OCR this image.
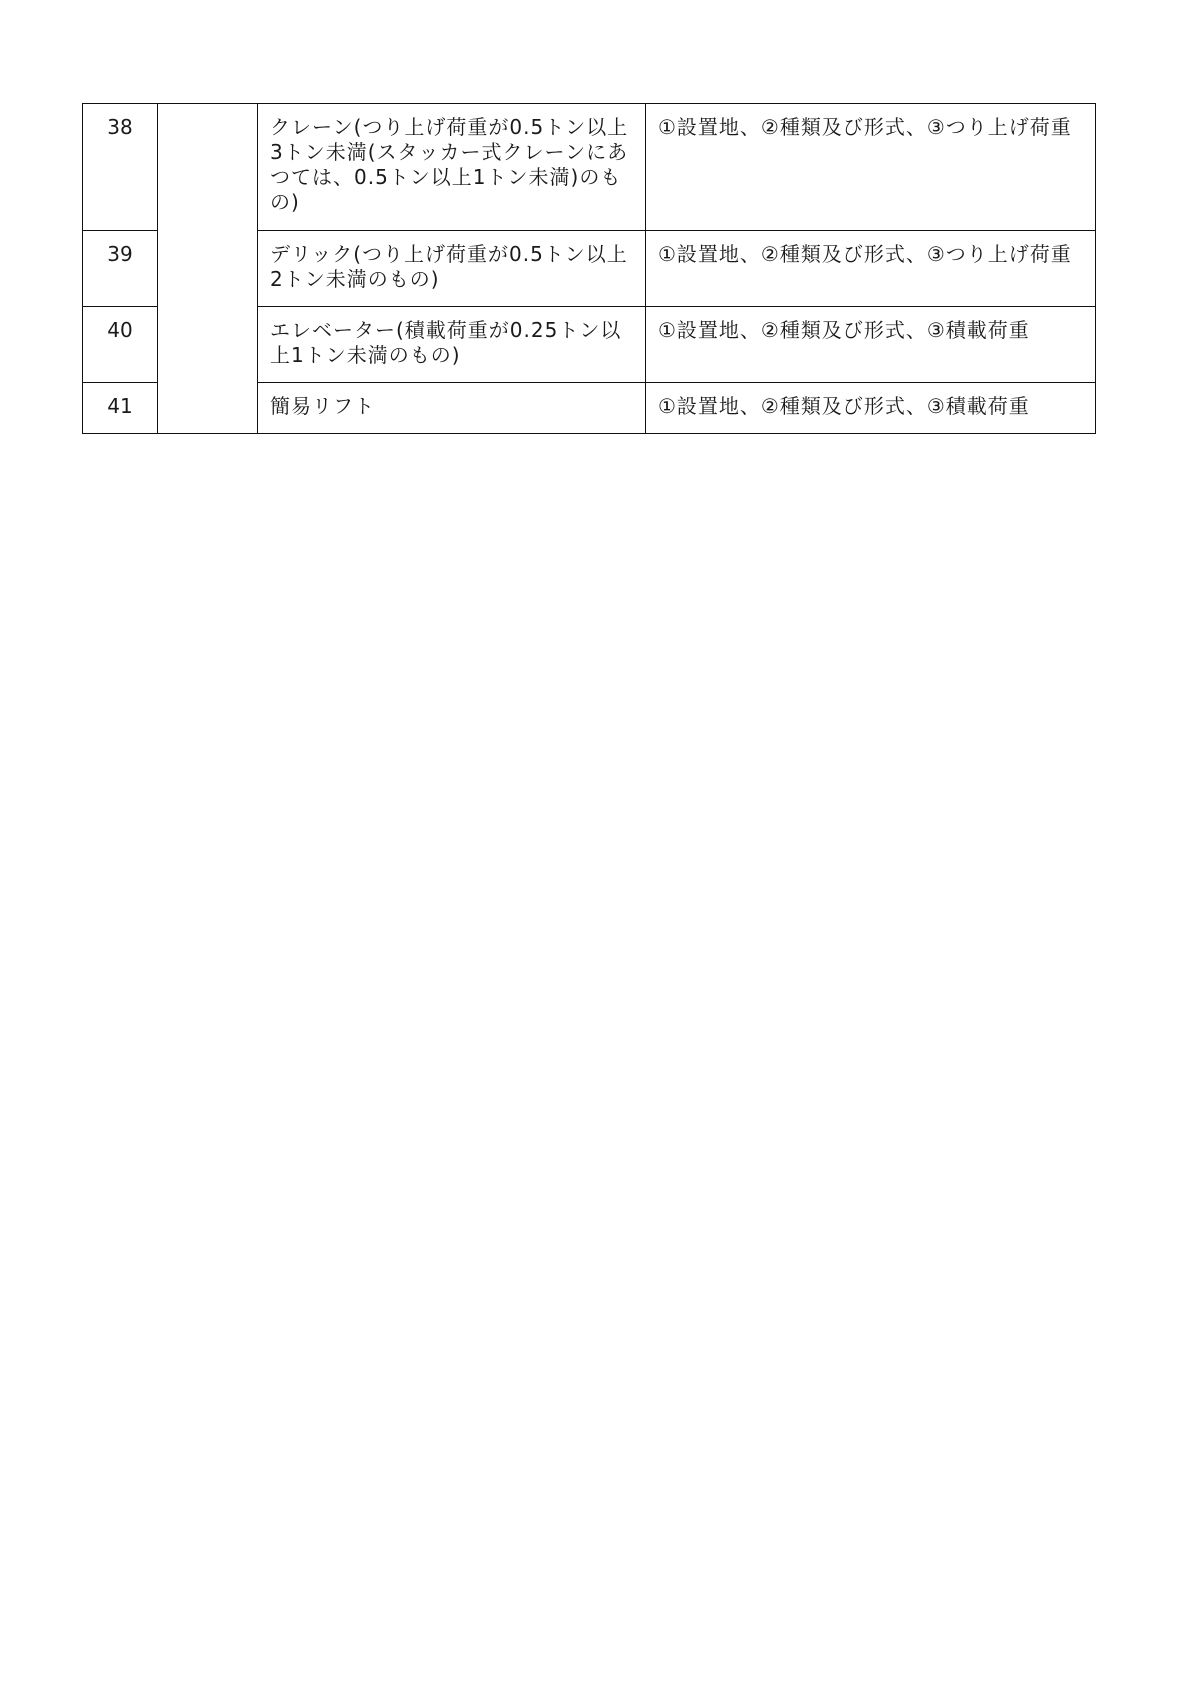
38		クレーン(つり上げ荷重が0.5トン以上3トン未満(スタッカー式クレーンにあつては、0.5トン以上1トン未満)のもの)	①設置地、②種類及び形式、③つり上げ荷重
39		デリック(つり上げ荷重が0.5トン以上2トン未満のもの)	①設置地、②種類及び形式、③つり上げ荷重
40		エレベーター(積載荷重が0.25トン以上1トン未満のもの)	①設置地、②種類及び形式、③積載荷重
41		簡易リフト	①設置地、②種類及び形式、③積載荷重
